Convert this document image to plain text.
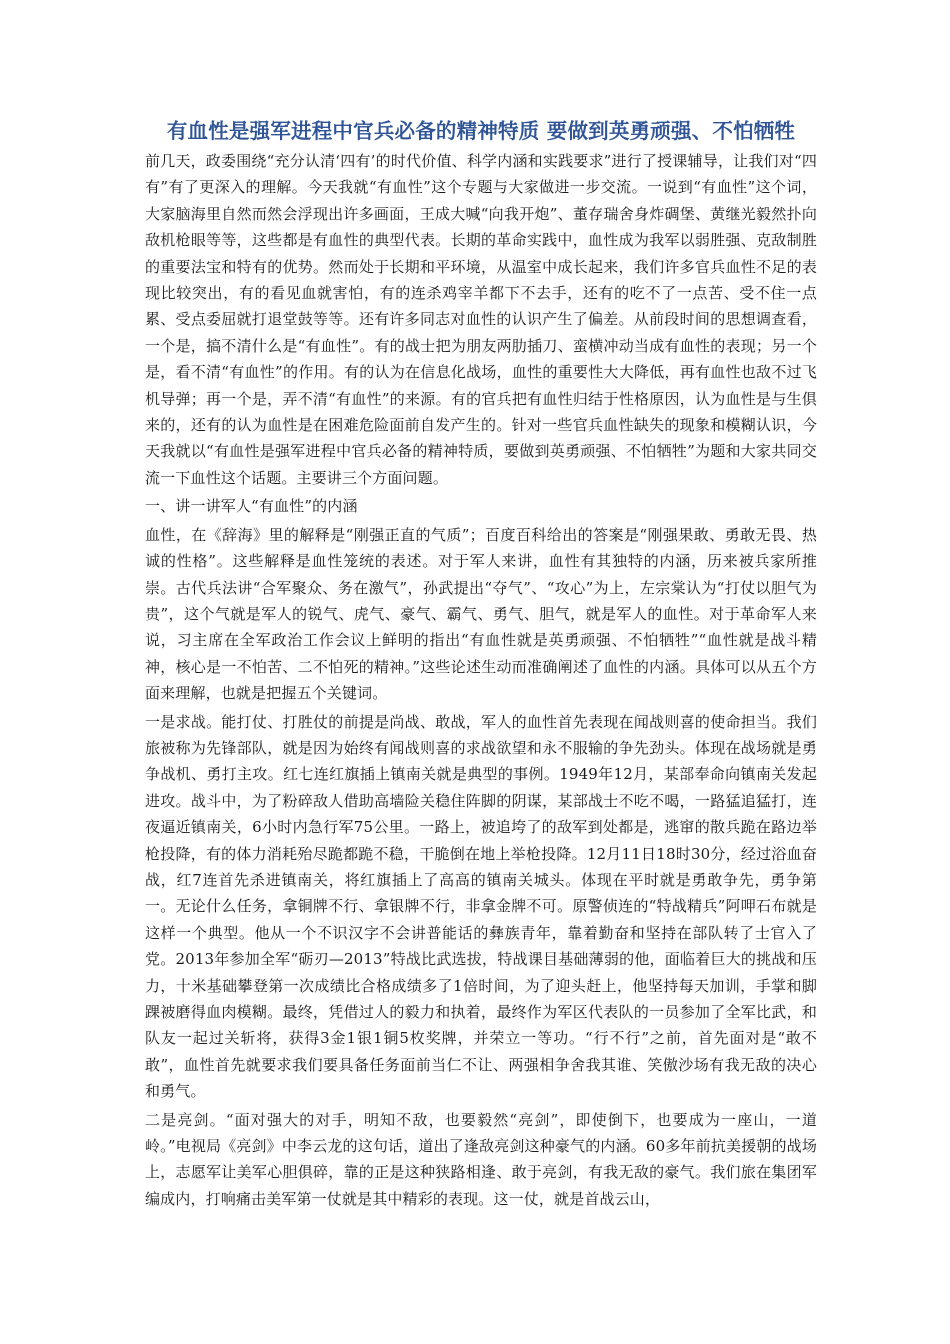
有血性是强军进程中官兵必备的精神特质 要做到英勇顽强、不怕牺牲

前几天，政委围绕“充分认清‘四有’的时代价值、科学内涵和实践要求”进行了授课辅导，让我们对“四有”有了更深入的理解。今天我就“有血性”这个专题与大家做进一步交流。一说到“有血性”这个词，大家脑海里自然而然会浮现出许多画面，王成大喊“向我开炮”、董存瑞舍身炸碉堡、黄继光毅然扑向敌机枪眼等等，这些都是有血性的典型代表。长期的革命实践中，血性成为我军以弱胜强、克敌制胜的重要法宝和特有的优势。然而处于长期和平环境，从温室中成长起来，我们许多官兵血性不足的表现比较突出，有的看见血就害怕，有的连杀鸡宰羊都下不去手，还有的吃不了一点苦、受不住一点累、受点委屈就打退堂鼓等等。还有许多同志对血性的认识产生了偏差。从前段时间的思想调查看，一个是，搞不清什么是“有血性”。有的战士把为朋友两肋插刀、蛮横冲动当成有血性的表现；另一个是，看不清“有血性”的作用。有的认为在信息化战场，血性的重要性大大降低，再有血性也敌不过飞机导弹；再一个是，弄不清“有血性”的来源。有的官兵把有血性归结于性格原因，认为血性是与生俱来的，还有的认为血性是在困难危险面前自发产生的。针对一些官兵血性缺失的现象和模糊认识，今天我就以“有血性是强军进程中官兵必备的精神特质，要做到英勇顽强、不怕牺牲”为题和大家共同交流一下血性这个话题。主要讲三个方面问题。

一、讲一讲军人“有血性”的内涵

血性，在《辞海》里的解释是“刚强正直的气质”；百度百科给出的答案是“刚强果敢、勇敢无畏、热诚的性格”。这些解释是血性笼统的表述。对于军人来讲，血性有其独特的内涵，历来被兵家所推崇。古代兵法讲“合军聚众、务在激气”，孙武提出“夺气”、“攻心”为上，左宗棠认为“打仗以胆气为贵”，这个气就是军人的锐气、虎气、豪气、霸气、勇气、胆气，就是军人的血性。对于革命军人来说，习主席在全军政治工作会议上鲜明的指出“有血性就是英勇顽强、不怕牺牲”“血性就是战斗精神，核心是一不怕苦、二不怕死的精神。”这些论述生动而准确阐述了血性的内涵。具体可以从五个方面来理解，也就是把握五个关键词。

一是求战。能打仗、打胜仗的前提是尚战、敢战，军人的血性首先表现在闻战则喜的使命担当。我们旅被称为先锋部队，就是因为始终有闻战则喜的求战欲望和永不服输的争先劲头。体现在战场就是勇争战机、勇打主攻。红七连红旗插上镇南关就是典型的事例。1949年12月，某部奉命向镇南关发起进攻。战斗中，为了粉碎敌人借助高墙险关稳住阵脚的阴谋，某部战士不吃不喝，一路猛追猛打，连夜逼近镇南关，6小时内急行军75公里。一路上，被追垮了的敌军到处都是，逃窜的散兵跪在路边举枪投降，有的体力消耗殆尽跪都跪不稳，干脆倒在地上举枪投降。12月11日18时30分，经过浴血奋战，红7连首先杀进镇南关，将红旗插上了高高的镇南关城头。体现在平时就是勇敢争先，勇争第一。无论什么任务，拿铜牌不行、拿银牌不行，非拿金牌不可。原警侦连的“特战精兵”阿呷石布就是这样一个典型。他从一个不识汉字不会讲普能话的彝族青年，靠着勤奋和坚持在部队转了士官入了党。2013年参加全军“砺刃—2013”特战比武选拔，特战课目基础薄弱的他，面临着巨大的挑战和压力，十米基础攀登第一次成绩比合格成绩多了1倍时间，为了迎头赶上，他坚持每天加训，手掌和脚踝被磨得血肉模糊。最终，凭借过人的毅力和执着，最终作为军区代表队的一员参加了全军比武，和队友一起过关斩将，获得3金1银1铜5枚奖牌，并荣立一等功。“行不行”之前，首先面对是“敢不敢”，血性首先就要求我们要具备任务面前当仁不让、两强相争舍我其谁、笑傲沙场有我无敌的决心和勇气。

二是亮剑。“面对强大的对手，明知不敌，也要毅然“亮剑”，即使倒下，也要成为一座山，一道岭。”电视局《亮剑》中李云龙的这句话，道出了逢敌亮剑这种豪气的内涵。60多年前抗美援朝的战场上，志愿军让美军心胆俱碎，靠的正是这种狭路相逢、敢于亮剑，有我无敌的豪气。我们旅在集团军编成内，打响痛击美军第一仗就是其中精彩的表现。这一仗，就是首战云山，
